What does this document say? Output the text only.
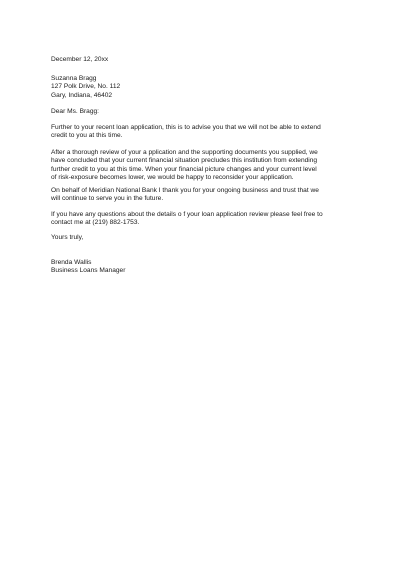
December 12, 20xx

Suzanna Bragg
127 Polk Drive, No. 112
Gary, Indiana, 46402

Dear Ms. Bragg:

Further to your recent loan application, this is to advise you that we will not be able to extend
credit to you at this time.

After a thorough review of your a pplication and the supporting documents you supplied, we
have concluded that your current financial situation precludes this institution from extending
further credit to you at this time. When your financial picture changes and your current level
of risk-exposure becomes lower, we would be happy to reconsider your application.

On behalf of Meridian National Bank I thank you for your ongoing business and trust that we
will continue to serve you in the future.

If you have any questions about the details o f your loan application review please feel free to
contact me at (219) 882-1753.

Yours truly,

Brenda Wallis
Business Loans Manager
